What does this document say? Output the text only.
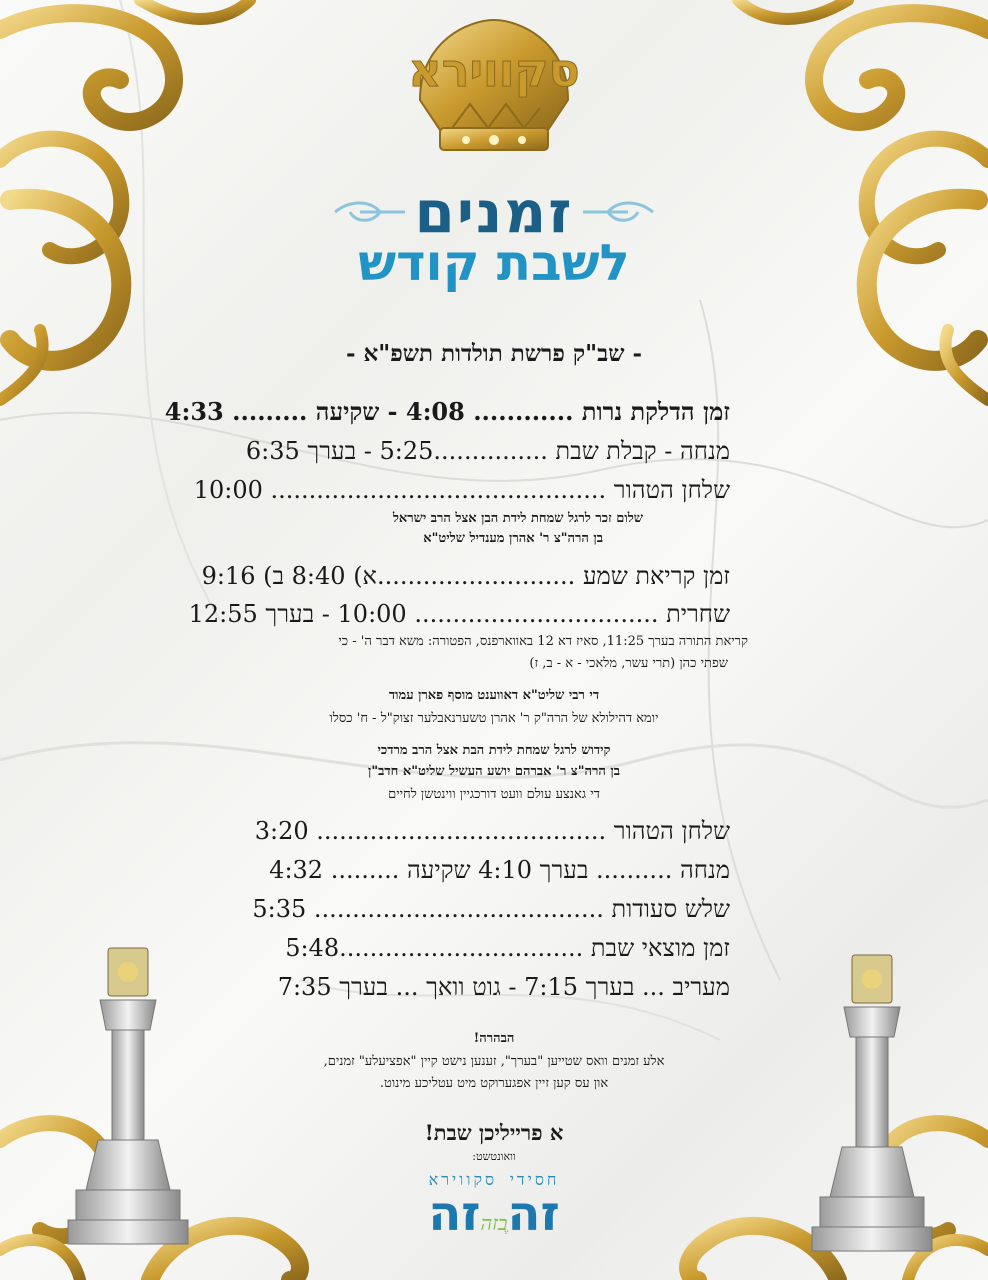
סקווירא
זמנים
לשבת קודש
- שב"ק פרשת תולדות תשפ"א -
זמן הדלקת נרות ............ 4:08 - שקיעה ......... 4:33
מנחה - קבלת שבת ...............5:25 - בערך 6:35
שלחן הטהור ............................................ 10:00
שלום זכר לרגל שמחת לידת הבן אצל הרב ישראל
בן הרה"צ ר' אהרן מענדיל שליט"א
זמן קריאת שמע ..........................א) 8:40 ב) 9:16
שחרית ................................ 10:00 - בערך 12:55
קריאת התורה בערך 11:25, סאיז דא 12 באווארפנס, הפטורה: משא דבר ה' - כי
שפתי כהן (תרי עשר, מלאכי - א - ב, ז)
די רבי שליט"א דאווענט מוסף פארן עמוד
יומא דהילולא של הרה"ק ר' אהרן טשערנאבלער זצוק"ל - ח' כסלו
קידוש לרגל שמחת לידת הבת אצל הרב מרדכי
בן הרה"צ ר' אברהם יושע העשיל שליט"א חדב"ן
די גאנצע עולם וועט דורכגיין ווינטשן לחיים
שלחן הטהור ...................................... 3:20
מנחה .......... בערך 4:10 שקיעה ......... 4:32
שלש סעודות ...................................... 5:35
זמן מוצאי שבת ................................5:48
מעריב ... בערך 7:15 - גוט וואך ... בערך 7:35
הבהרה!
אלע זמנים וואס שטייען "בערך", זענען נישט קיין "אפציעלע" זמנים,
און עס קען זיין אפגערוקט מיט עטליכע מינוט.
א פרייליכן שבת!
וואונטשט:
חסידי סקווירא
זהֶבזהזה
